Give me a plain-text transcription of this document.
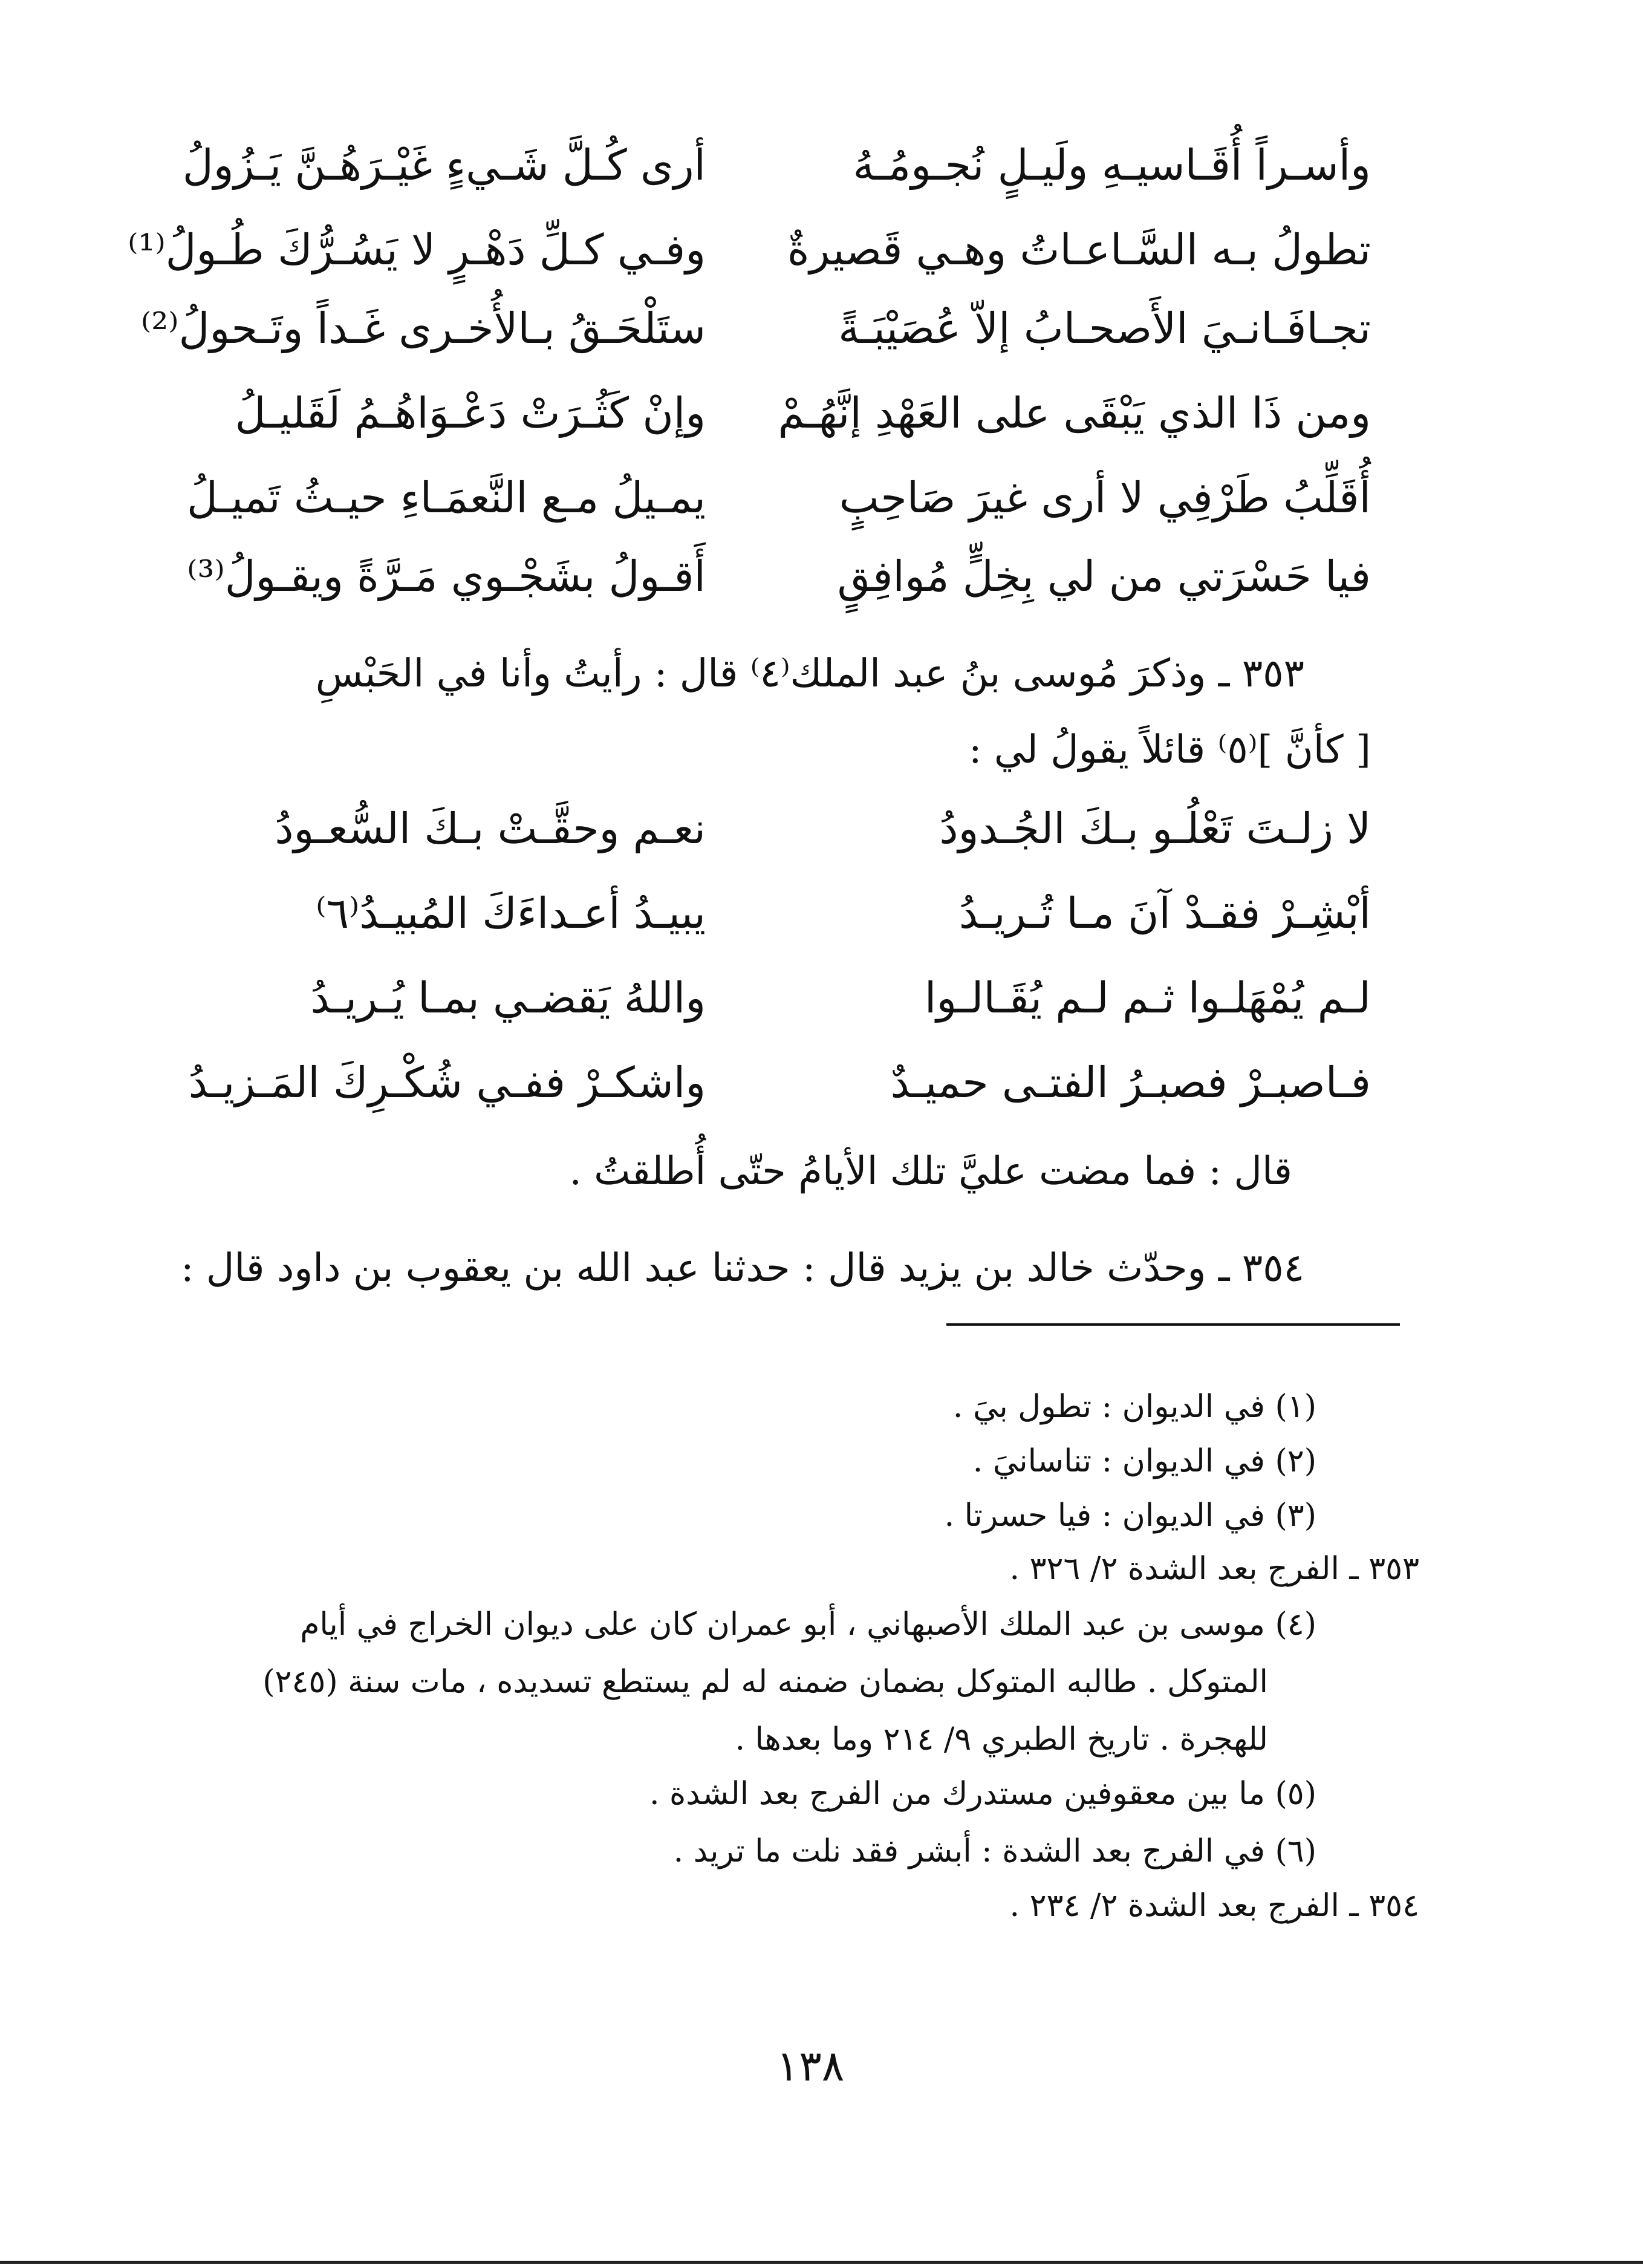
وأسـراً أُقَـاسيـهِ ولَيـلٍ نُجـومُـهُ
أرى كُـلَّ شَـيءٍ غَيْـرَهُـنَّ يَـزُولُ
تطولُ بـه السَّـاعـاتُ وهـي قَصيرةٌ
وفـي كـلِّ دَهْـرٍ لا يَسُـرُّكَ طُـولُ⁽¹⁾
تجـافَـانـيَ الأَصحـابُ إلاّ عُصَيْبَـةً
ستَلْحَـقُ بـالأُخـرى غَـداً وتَـحولُ⁽²⁾
ومن ذَا الذي يَبْقَى على العَهْدِ إنَّهُـمْ
وإنْ كَثُـرَتْ دَعْـوَاهُـمُ لَقَليـلُ
أُقَلِّبُ طَرْفِي لا أرى غيرَ صَاحِبٍ
يمـيلُ مـع النَّعمَـاءِ حيـثُ تَميـلُ
فيا حَسْرَتي من لي بِخِلٍّ مُوافِقٍ
أَقـولُ بشَجْـوي مَـرَّةً ويقـولُ⁽³⁾
٣٥٣ ـ وذكرَ مُوسى بنُ عبد الملك⁽٤⁾ قال : رأيتُ وأنا في الحَبْسِ
[ كأنَّ ]⁽٥⁾ قائلاً يقولُ لي :
لا زلـتَ تَعْلُـو بـكَ الجُـدودُ
نعـم وحقَّـتْ بـكَ السُّعـودُ
أبْشِـرْ فقـدْ آنَ مـا تُـريـدُ
يبيـدُ أعـداءَكَ المُبيـدُ⁽٦⁾
لـم يُمْهَلـوا ثـم لـم يُقَـالـوا
واللهُ يَقضـي بمـا يُـريـدُ
فـاصبـرْ فصبـرُ الفتـى حميـدٌ
واشكـرْ ففـي شُكْـرِكَ المَـزيـدُ
قال : فما مضت عليَّ تلك الأيامُ حتّى أُطلقتُ .
٣٥٤ ـ وحدّث خالد بن يزيد قال : حدثنا عبد الله بن يعقوب بن داود قال :
(١) في الديوان : تطول بيَ .
(٢) في الديوان : تناسانيَ .
(٣) في الديوان : فيا حسرتا .
٣٥٣ ـ الفرج بعد الشدة ٢/ ٣٢٦ .
(٤) موسى بن عبد الملك الأصبهاني ، أبو عمران كان على ديوان الخراج في أيام
المتوكل . طالبه المتوكل بضمان ضمنه له لم يستطع تسديده ، مات سنة (٢٤٥)
للهجرة . تاريخ الطبري ٩/ ٢١٤ وما بعدها .
(٥) ما بين معقوفين مستدرك من الفرج بعد الشدة .
(٦) في الفرج بعد الشدة : أبشر فقد نلت ما تريد .
٣٥٤ ـ الفرج بعد الشدة ٢/ ٢٣٤ .
١٣٨
